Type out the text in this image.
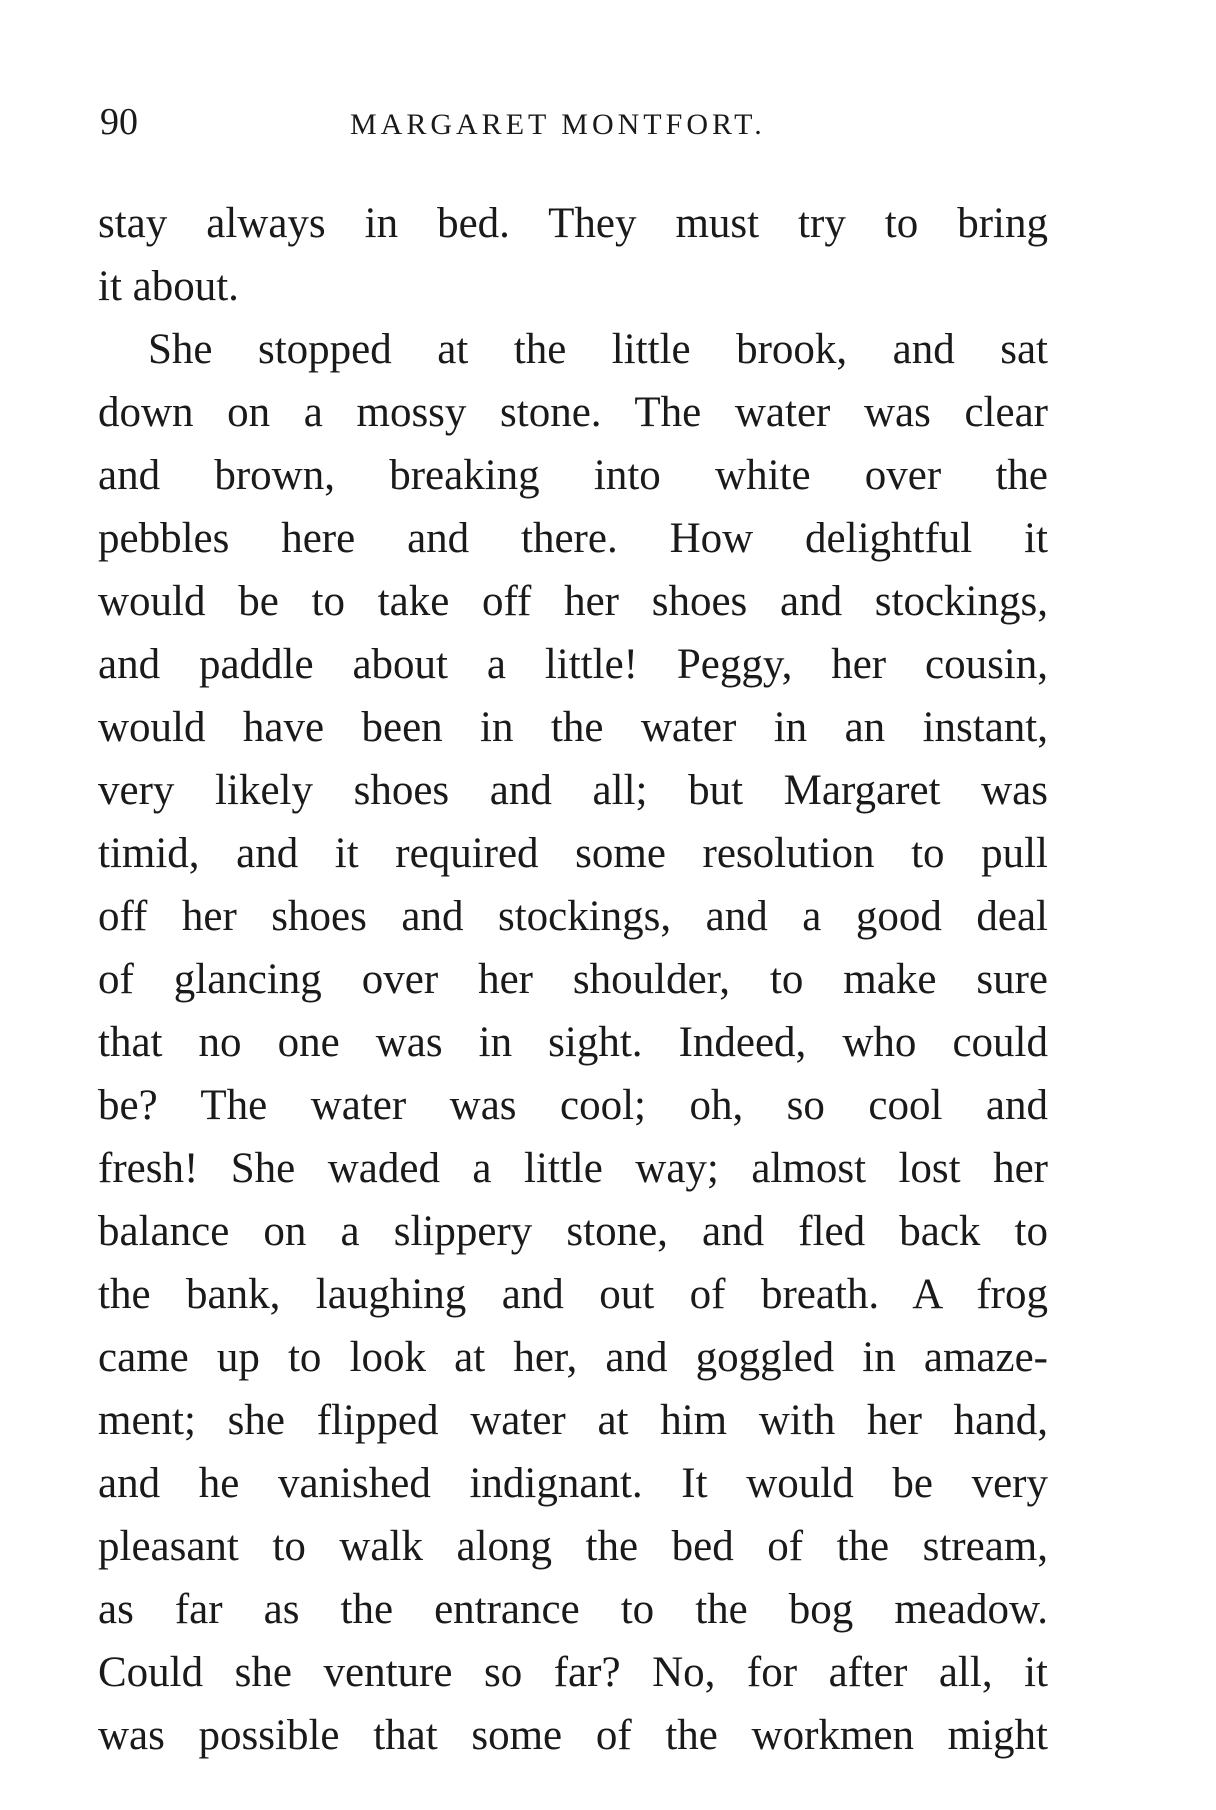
90	MARGARET MONTFORT.
stay always in bed. They must try to bring
it about.
She stopped at the little brook, and sat
down on a mossy stone. The water was clear
and brown, breaking into white over the
pebbles here and there. How delightful it
would be to take off her shoes and stockings,
and paddle about a little! Peggy, her cousin,
would have been in the water in an instant,
very likely shoes and all; but Margaret was
timid, and it required some resolution to pull
off her shoes and stockings, and a good deal
of glancing over her shoulder, to make sure
that no one was in sight. Indeed, who could
be? The water was cool; oh, so cool and
fresh! She waded a little way; almost lost her
balance on a slippery stone, and fled back to
the bank, laughing and out of breath. A frog
came up to look at her, and goggled in amaze-
ment; she flipped water at him with her hand,
and he vanished indignant. It would be very
pleasant to walk along the bed of the stream,
as far as the entrance to the bog meadow.
Could she venture so far? No, for after all, it
was possible that some of the workmen might
